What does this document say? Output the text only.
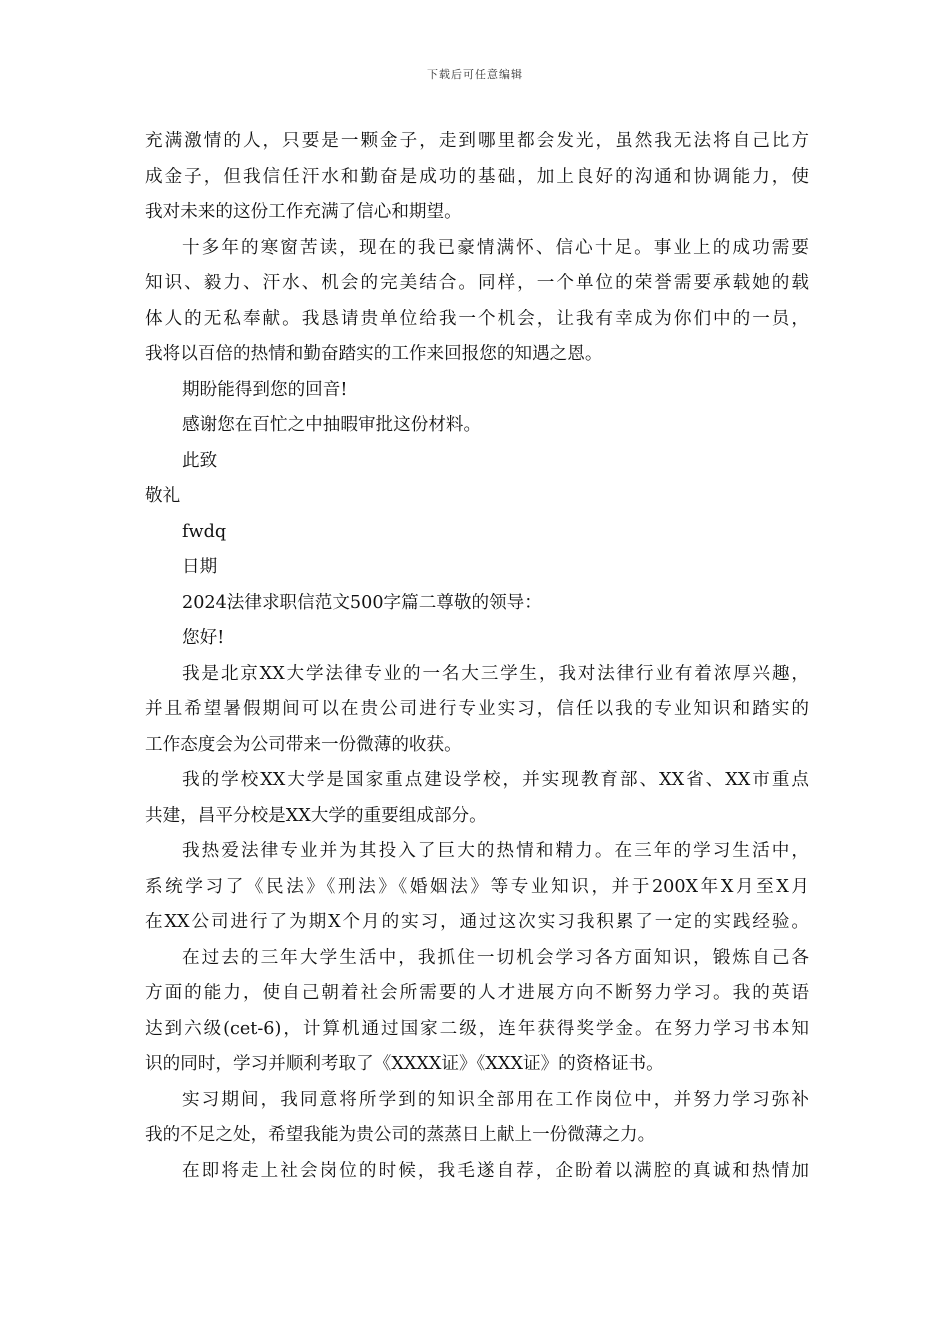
下载后可任意编辑
充满激情的人，只要是一颗金子，走到哪里都会发光，虽然我无法将自己比方
成金子，但我信任汗水和勤奋是成功的基础，加上良好的沟通和协调能力，使
我对未来的这份工作充满了信心和期望。
十多年的寒窗苦读，现在的我已豪情满怀、信心十足。事业上的成功需要
知识、毅力、汗水、机会的完美结合。同样，一个单位的荣誉需要承载她的载
体人的无私奉献。我恳请贵单位给我一个机会，让我有幸成为你们中的一员，
我将以百倍的热情和勤奋踏实的工作来回报您的知遇之恩。
期盼能得到您的回音!
感谢您在百忙之中抽暇审批这份材料。
此致
敬礼
fwdq
日期
2024法律求职信范文500字篇二尊敬的领导：
您好!
我是北京XX大学法律专业的一名大三学生，我对法律行业有着浓厚兴趣，
并且希望暑假期间可以在贵公司进行专业实习，信任以我的专业知识和踏实的
工作态度会为公司带来一份微薄的收获。
我的学校XX大学是国家重点建设学校，并实现教育部、XX省、XX市重点
共建，昌平分校是XX大学的重要组成部分。
我热爱法律专业并为其投入了巨大的热情和精力。在三年的学习生活中，
系统学习了《民法》《刑法》《婚姻法》等专业知识，并于200X年X月至X月
在XX公司进行了为期X个月的实习，通过这次实习我积累了一定的实践经验。
在过去的三年大学生活中，我抓住一切机会学习各方面知识，锻炼自己各
方面的能力，使自己朝着社会所需要的人才进展方向不断努力学习。我的英语
达到六级(cet-6)，计算机通过国家二级，连年获得奖学金。在努力学习书本知
识的同时，学习并顺利考取了《XXXX证》《XXX证》的资格证书。
实习期间，我同意将所学到的知识全部用在工作岗位中，并努力学习弥补
我的不足之处，希望我能为贵公司的蒸蒸日上献上一份微薄之力。
在即将走上社会岗位的时候，我毛遂自荐，企盼着以满腔的真诚和热情加
